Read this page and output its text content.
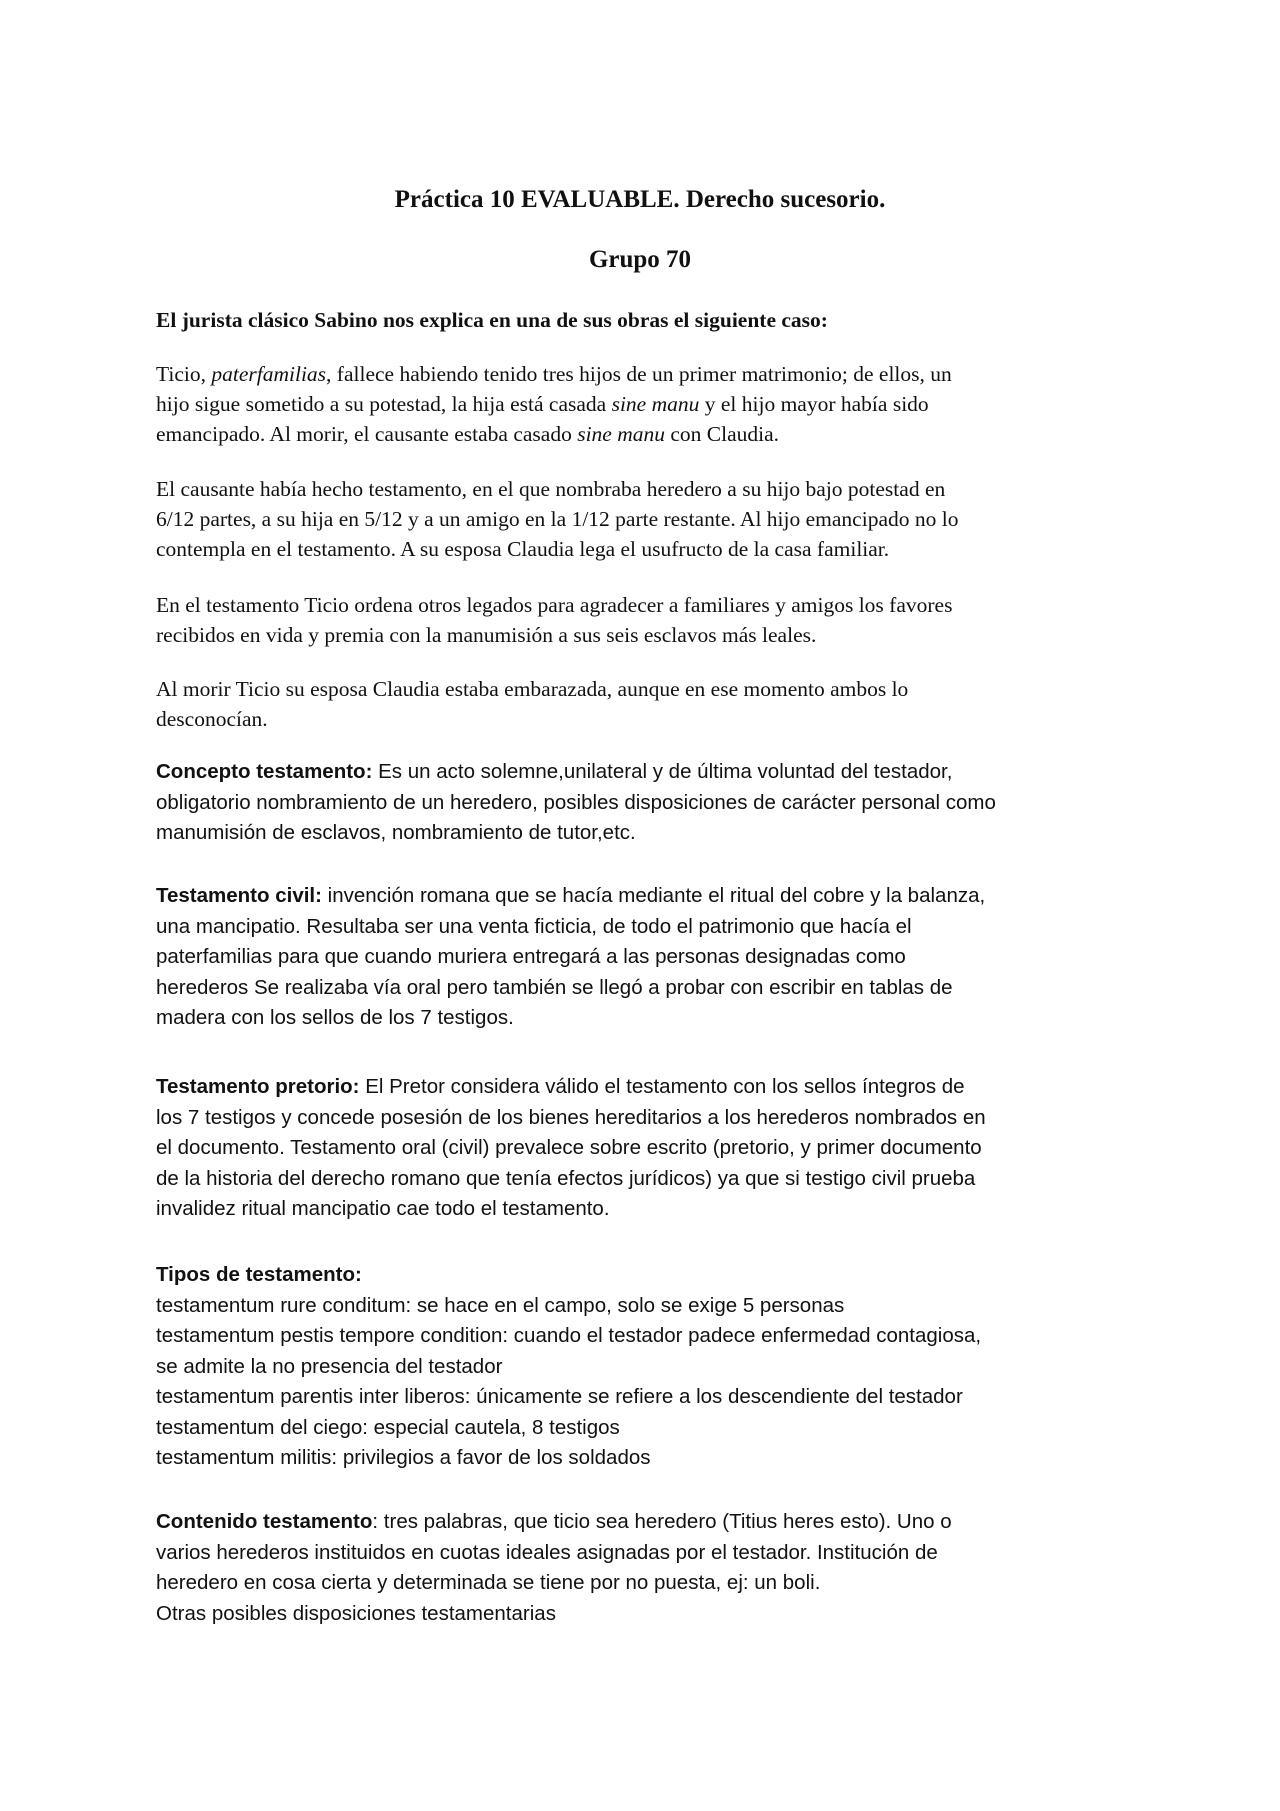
Práctica 10 EVALUABLE. Derecho sucesorio.
Grupo 70

El jurista clásico Sabino nos explica en una de sus obras el siguiente caso:

Ticio, paterfamilias, fallece habiendo tenido tres hijos de un primer matrimonio; de ellos, un
hijo sigue sometido a su potestad, la hija está casada sine manu y el hijo mayor había sido
emancipado. Al morir, el causante estaba casado sine manu con Claudia.

El causante había hecho testamento, en el que nombraba heredero a su hijo bajo potestad en
6/12 partes, a su hija en 5/12 y a un amigo en la 1/12 parte restante. Al hijo emancipado no lo
contempla en el testamento. A su esposa Claudia lega el usufructo de la casa familiar.

En el testamento Ticio ordena otros legados para agradecer a familiares y amigos los favores
recibidos en vida y premia con la manumisión a sus seis esclavos más leales.

Al morir Ticio su esposa Claudia estaba embarazada, aunque en ese momento ambos lo
desconocían.

Concepto testamento: Es un acto solemne,unilateral y de última voluntad del testador,
obligatorio nombramiento de un heredero, posibles disposiciones de carácter personal como
manumisión de esclavos, nombramiento de tutor,etc.

Testamento civil: invención romana que se hacía mediante el ritual del cobre y la balanza,
una mancipatio. Resultaba ser una venta ficticia, de todo el patrimonio que hacía el
paterfamilias para que cuando muriera entregará a las personas designadas como
herederos Se realizaba vía oral pero también se llegó a probar con escribir en tablas de
madera con los sellos de los 7 testigos.

Testamento pretorio: El Pretor considera válido el testamento con los sellos íntegros de
los 7 testigos y concede posesión de los bienes hereditarios a los herederos nombrados en
el documento. Testamento oral (civil) prevalece sobre escrito (pretorio, y primer documento
de la historia del derecho romano que tenía efectos jurídicos) ya que si testigo civil prueba
invalidez ritual mancipatio cae todo el testamento.

Tipos de testamento:
testamentum rure conditum: se hace en el campo, solo se exige 5 personas
testamentum pestis tempore condition: cuando el testador padece enfermedad contagiosa,
se admite la no presencia del testador
testamentum parentis inter liberos: únicamente se refiere a los descendiente del testador
testamentum del ciego: especial cautela, 8 testigos
testamentum militis: privilegios a favor de los soldados

Contenido testamento: tres palabras, que ticio sea heredero (Titius heres esto). Uno o
varios herederos instituidos en cuotas ideales asignadas por el testador. Institución de
heredero en cosa cierta y determinada se tiene por no puesta, ej: un boli.
Otras posibles disposiciones testamentarias
